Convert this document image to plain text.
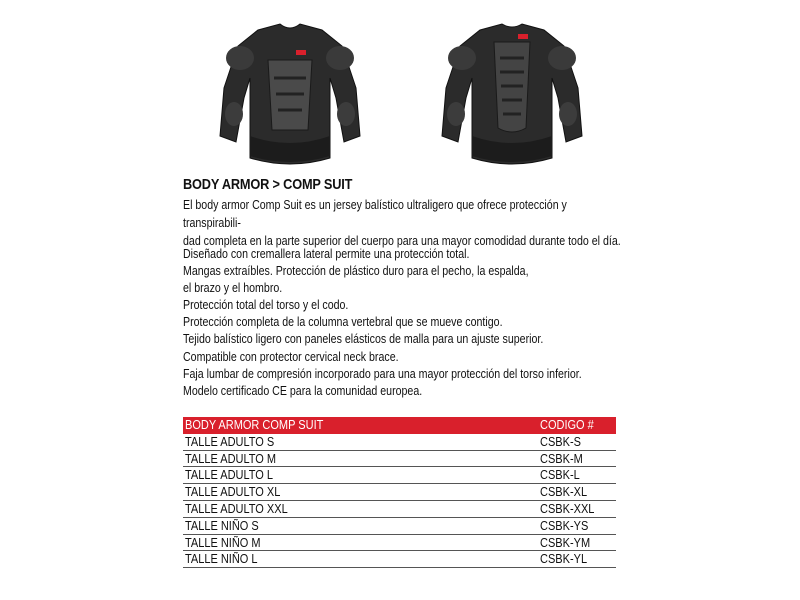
BODY ARMOR > COMP SUIT
El body armor Comp Suit es un jersey balístico ultraligero que ofrece protección y transpirabili-
dad completa en la parte superior del cuerpo para una mayor comodidad durante todo el día.
Diseñado con cremallera lateral permite una protección total.
Mangas extraíbles. Protección de plástico duro para el pecho, la espalda,
el brazo y el hombro.
Protección total del torso y el codo.
Protección completa de la columna vertebral que se mueve contigo.
Tejido balístico ligero con paneles elásticos de malla para un ajuste superior.
Compatible con protector cervical neck brace.
Faja lumbar de compresión incorporado para una mayor protección del torso inferior.
Modelo certificado CE para la comunidad europea.
BODY ARMOR COMP SUIT	CODIGO #
TALLE ADULTO S	CSBK-S
TALLE ADULTO M	CSBK-M
TALLE ADULTO L	CSBK-L
TALLE ADULTO XL	CSBK-XL
TALLE ADULTO XXL	CSBK-XXL
TALLE NIÑO S	CSBK-YS
TALLE NIÑO M	CSBK-YM
TALLE NIÑO L	CSBK-YL
